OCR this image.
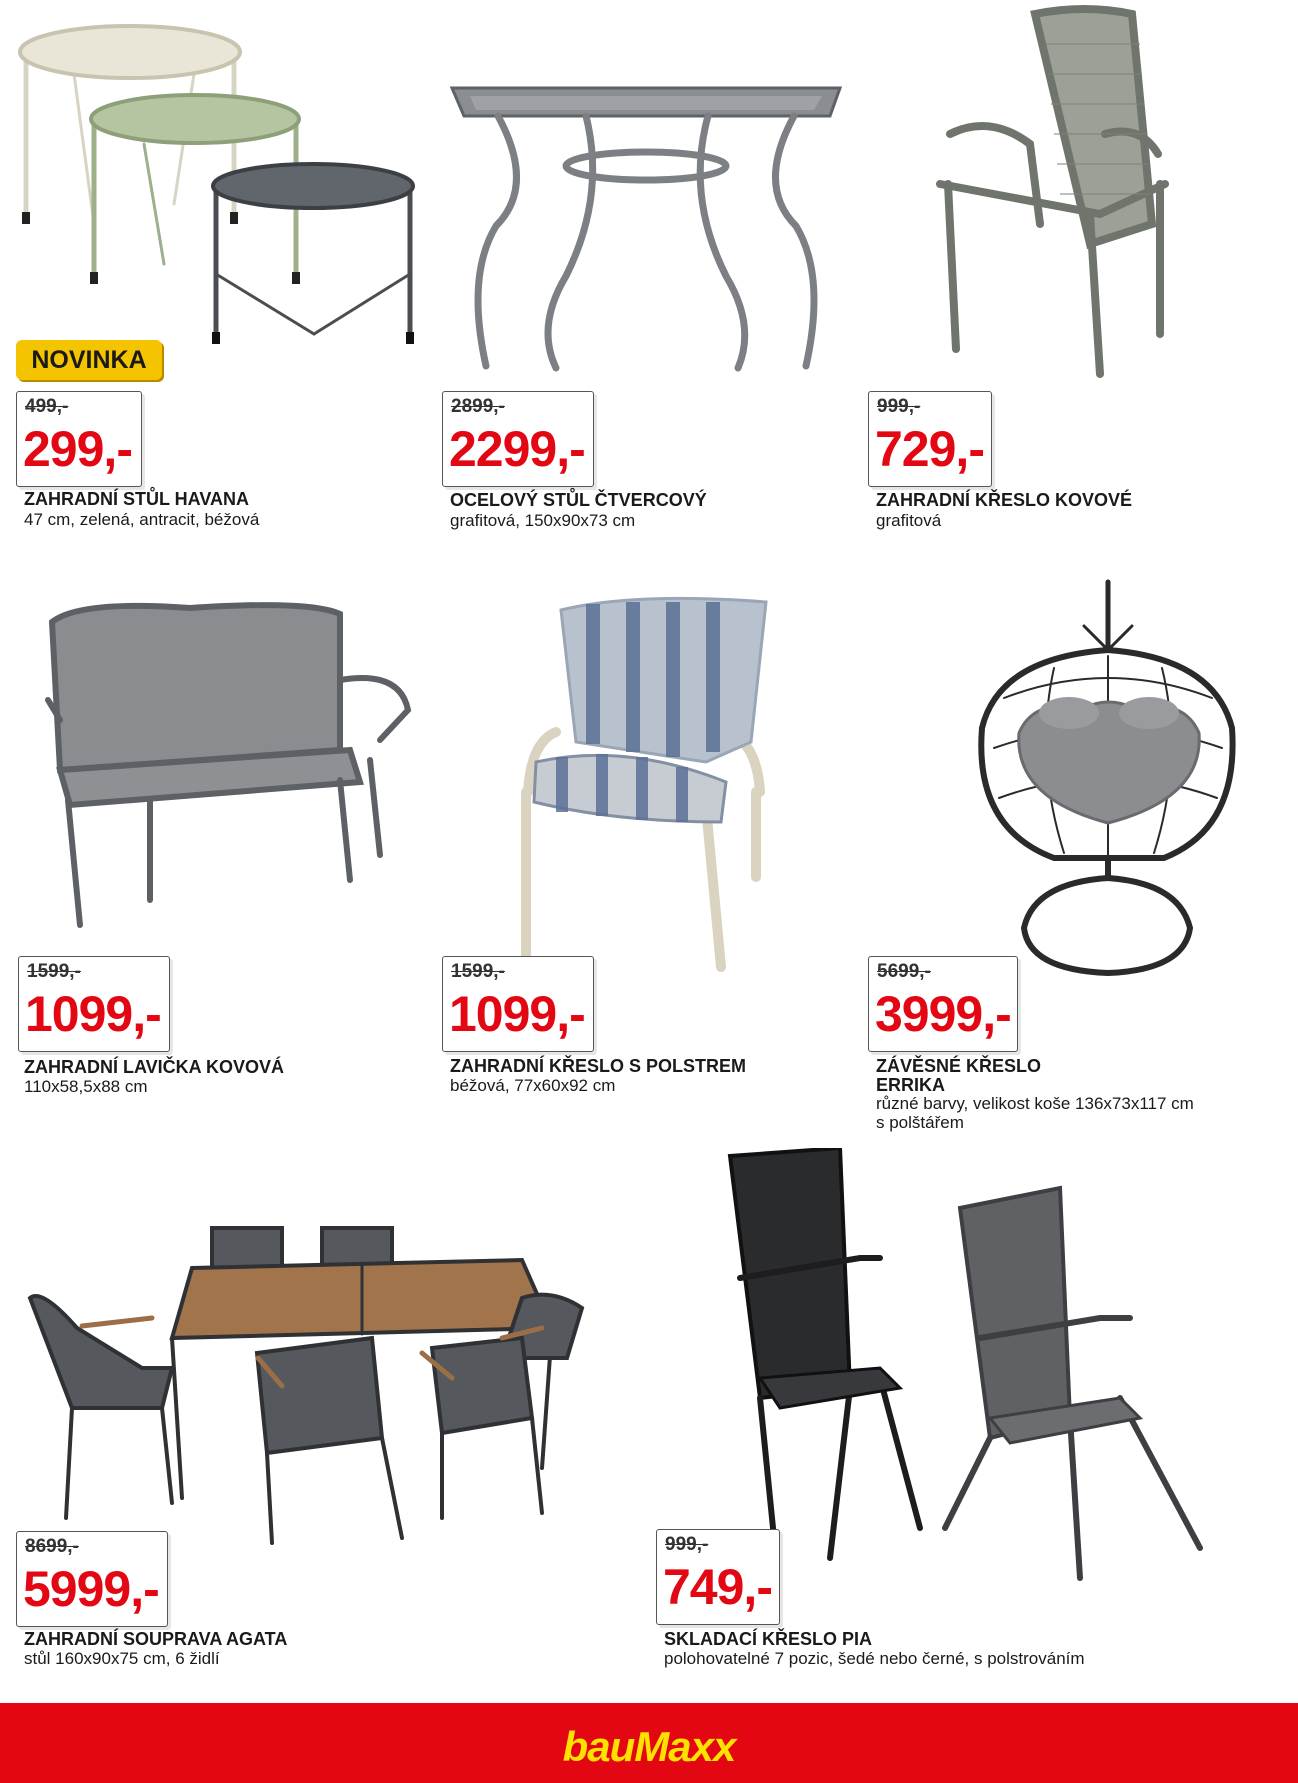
NOVINKA
499,-
299,-
ZAHRADNÍ STŮL HAVANA
47 cm, zelená, antracit, béžová
2899,-
2299,-
OCELOVÝ STŮL ČTVERCOVÝ
grafitová, 150x90x73 cm
999,-
729,-
ZAHRADNÍ KŘESLO KOVOVÉ
grafitová
1599,-
1099,-
ZAHRADNÍ LAVIČKA KOVOVÁ
110x58,5x88 cm
1599,-
1099,-
ZAHRADNÍ KŘESLO S POLSTREM
béžová, 77x60x92 cm
5699,-
3999,-
ZÁVĚSNÉ KŘESLO
ERRIKA
různé barvy, velikost koše 136x73x117 cm
s polštářem
8699,-
5999,-
ZAHRADNÍ SOUPRAVA AGATA
stůl 160x90x75 cm, 6 židlí
999,-
749,-
SKLADACÍ KŘESLO PIA
polohovatelné 7 pozic, šedé nebo černé, s polstrováním
bauMaxx
